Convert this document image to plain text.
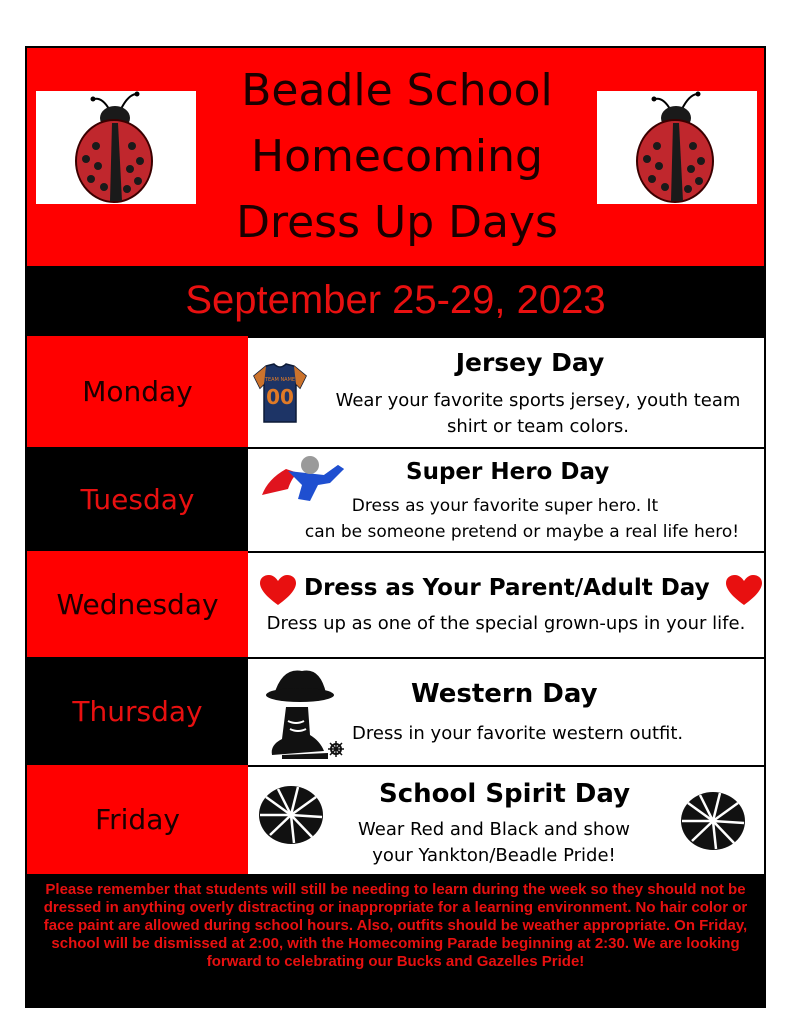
Beadle School
Homecoming
Dress Up Days
September 25-29, 2023
Monday	TEAM NAME
00
Jersey Day
Wear your favorite sports jersey, youth team
shirt or team colors.
Tuesday
Super Hero Day
Dress as your favorite super hero. It
can be someone pretend or maybe a real life hero!
Wednesday	Dress as Your Parent/Adult Day
Dress up as one of the special grown-ups in your life.
Thursday
Western Day
Dress in your favorite western outfit.
Friday
School Spirit Day
Wear Red and Black and show
your Yankton/Beadle Pride!

Please remember that students will still be needing to learn during the week so they should not be dressed in anything overly distracting or inappropriate for a learning environment. No hair color or face paint are allowed during school hours. Also, outfits should be weather appropriate. On Friday, school will be dismissed at 2:00, with the Homecoming Parade beginning at 2:30. We are looking forward to celebrating our Bucks and Gazelles Pride!
